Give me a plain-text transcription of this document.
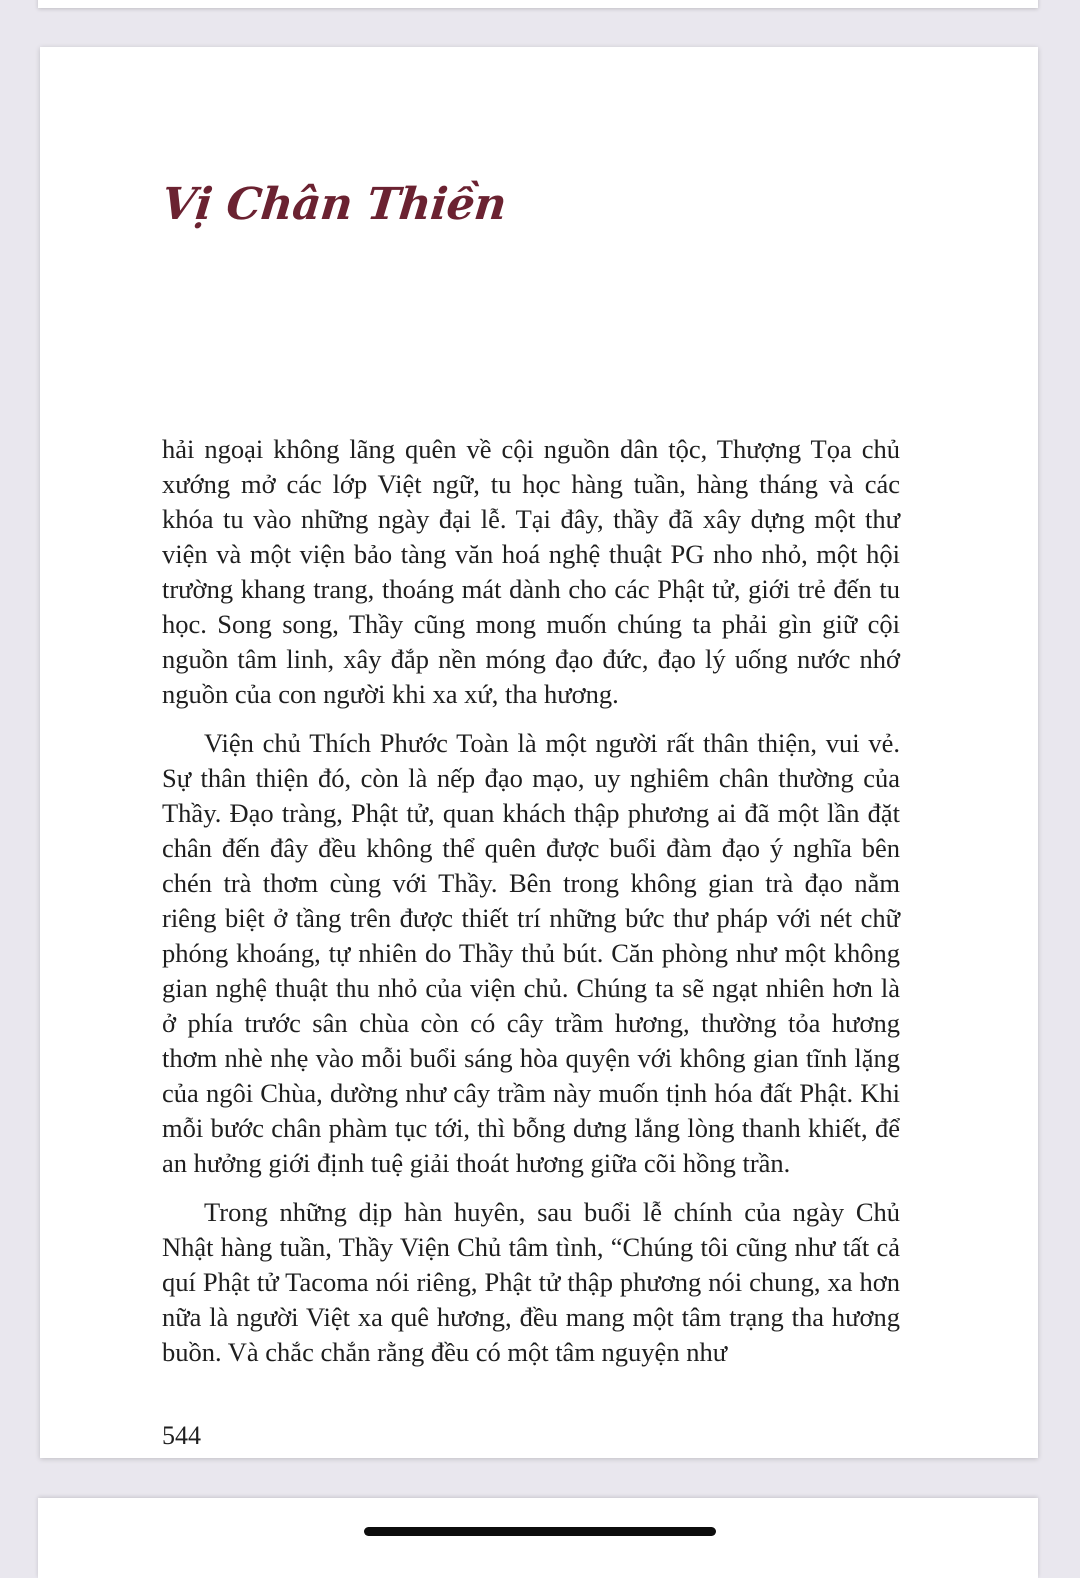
Vị Chân Thiền

hải ngoại không lãng quên về cội nguồn dân tộc, Thượng Tọa chủ xướng mở các lớp Việt ngữ, tu học hàng tuần, hàng tháng và các khóa tu vào những ngày đại lễ. Tại đây, thầy đã xây dựng một thư viện và một viện bảo tàng văn hoá nghệ thuật PG nho nhỏ, một hội trường khang trang, thoáng mát dành cho các Phật tử, giới trẻ đến tu học. Song song, Thầy cũng mong muốn chúng ta phải gìn giữ cội nguồn tâm linh, xây đắp nền móng đạo đức, đạo lý uống nước nhớ nguồn của con người khi xa xứ, tha hương.

Viện chủ Thích Phước Toàn là một người rất thân thiện, vui vẻ. Sự thân thiện đó, còn là nếp đạo mạo, uy nghiêm chân thường của Thầy. Đạo tràng, Phật tử, quan khách thập phương ai đã một lần đặt chân đến đây đều không thể quên được buổi đàm đạo ý nghĩa bên chén trà thơm cùng với Thầy. Bên trong không gian trà đạo nằm riêng biệt ở tầng trên được thiết trí những bức thư pháp với nét chữ phóng khoáng, tự nhiên do Thầy thủ bút. Căn phòng như một không gian nghệ thuật thu nhỏ của viện chủ. Chúng ta sẽ ngạt nhiên hơn là ở phía trước sân chùa còn có cây trầm hương, thường tỏa hương thơm nhè nhẹ vào mỗi buổi sáng hòa quyện với không gian tĩnh lặng của ngôi Chùa, dường như cây trầm này muốn tịnh hóa đất Phật. Khi mỗi bước chân phàm tục tới, thì bỗng dưng lắng lòng thanh khiết, để an hưởng giới định tuệ giải thoát hương giữa cõi hồng trần.

Trong những dịp hàn huyên, sau buổi lễ chính của ngày Chủ Nhật hàng tuần, Thầy Viện Chủ tâm tình, “Chúng tôi cũng như tất cả quí Phật tử Tacoma nói riêng, Phật tử thập phương nói chung, xa hơn nữa là người Việt xa quê hương, đều mang một tâm trạng tha hương buồn. Và chắc chắn rằng đều có một tâm nguyện như

544
